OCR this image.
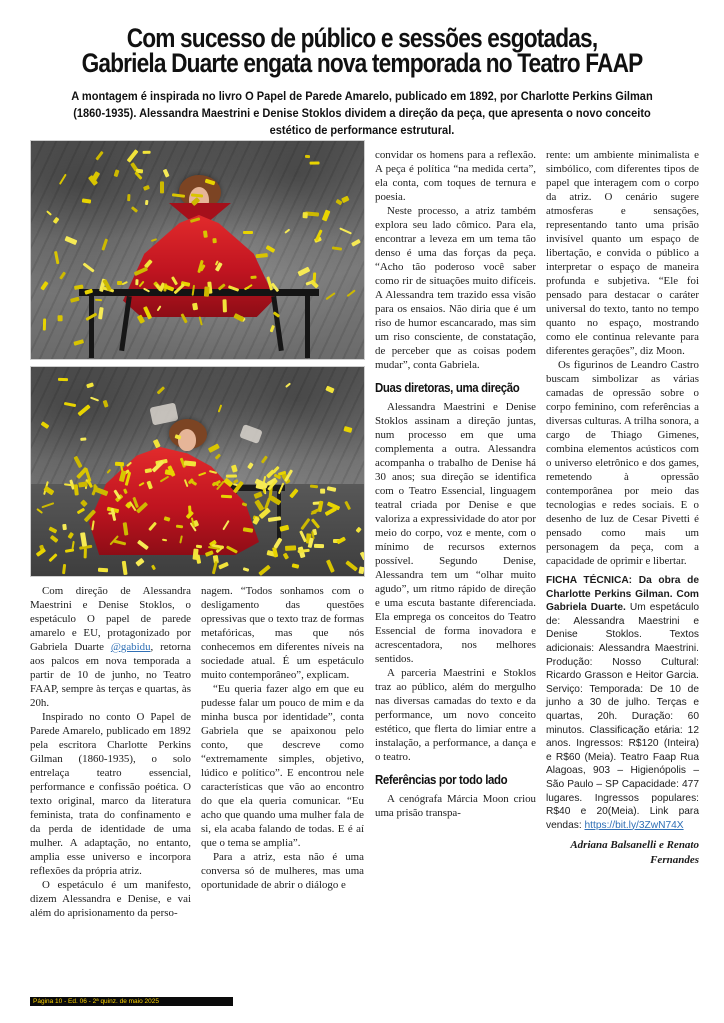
Com sucesso de público e sessões esgotadas,
Gabriela Duarte engata nova temporada no Teatro FAAP

A montagem é inspirada no livro O Papel de Parede Amarelo, publicado em 1892, por Charlotte Perkins Gilman (1860-1935). Alessandra Maestrini e Denise Stoklos dividem a direção da peça, que apresenta o novo conceito estético de performance estrutural.

Com direção de Alessandra Maestrini e Denise Stoklos, o espetáculo O papel de parede amarelo e EU, protagonizado por Gabriela Duarte @gabidu, retorna aos palcos em nova temporada a partir de 10 de junho, no Teatro FAAP, sempre às terças e quartas, às 20h.

Inspirado no conto O Papel de Parede Amarelo, publicado em 1892 pela escritora Charlotte Perkins Gilman (1860-1935), o solo entrelaça teatro essencial, performance e confissão poética. O texto original, marco da literatura feminista, trata do confinamento e da perda de identidade de uma mulher. A adaptação, no entanto, amplia esse universo e incorpora reflexões da própria atriz.

O espetáculo é um manifesto, dizem Alessandra e Denise, e vai além do aprisionamento da perso-

nagem. “Todos sonhamos com o desligamento das questões opressivas que o texto traz de formas metafóricas, mas que nós conhecemos em diferentes níveis na sociedade atual. É um espetáculo muito contemporâneo”, explicam.

“Eu queria fazer algo em que eu pudesse falar um pouco de mim e da minha busca por identidade”, conta Gabriela que se apaixonou pelo conto, que descreve como “extremamente simples, objetivo, lúdico e político”. E encontrou nele características que vão ao encontro do que ela queria comunicar. “Eu acho que quando uma mulher fala de si, ela acaba falando de todas. E é aí que o tema se amplia”.

Para a atriz, esta não é uma conversa só de mulheres, mas uma oportunidade de abrir o diálogo e

convidar os homens para a reflexão. A peça é política “na medida certa”, ela conta, com toques de ternura e poesia.

Neste processo, a atriz também explora seu lado cômico. Para ela, encontrar a leveza em um tema tão denso é uma das forças da peça. “Acho tão poderoso você saber como rir de situações muito difíceis. A Alessandra tem trazido essa visão para os ensaios. Não diria que é um riso de humor escancarado, mas sim um riso consciente, de constatação, de perceber que as coisas podem mudar”, conta Gabriela.

Duas diretoras, uma direção

Alessandra Maestrini e Denise Stoklos assinam a direção juntas, num processo em que uma complementa a outra. Alessandra acompanha o trabalho de Denise há 30 anos; sua direção se identifica com o Teatro Essencial, linguagem teatral criada por Denise e que valoriza a expressividade do ator por meio do corpo, voz e mente, com o mínimo de recursos externos possível. Segundo Denise, Alessandra tem um “olhar muito agudo”, um ritmo rápido de direção e uma escuta bastante diferenciada. Ela emprega os conceitos do Teatro Essencial de forma inovadora e acrescentadora, nos melhores sentidos.

A parceria Maestrini e Stoklos traz ao público, além do mergulho nas diversas camadas do texto e da performance, um novo conceito estético, que flerta do limiar entre a instalação, a performance, a dança e o teatro.

Referências por todo lado

A cenógrafa Márcia Moon criou uma prisão transpa-

rente: um ambiente minimalista e simbólico, com diferentes tipos de papel que interagem com o corpo da atriz. O cenário sugere atmosferas e sensações, representando tanto uma prisão invisível quanto um espaço de libertação, e convida o público a interpretar o espaço de maneira profunda e subjetiva. “Ele foi pensado para destacar o caráter universal do texto, tanto no tempo quanto no espaço, mostrando como ele continua relevante para diferentes gerações”, diz Moon.

Os figurinos de Leandro Castro buscam simbolizar as várias camadas de opressão sobre o corpo feminino, com referências a diversas culturas. A trilha sonora, a cargo de Thiago Gimenes, combina elementos acústicos com o universo eletrônico e dos games, remetendo à opressão contemporânea por meio das tecnologias e redes sociais. E o desenho de luz de Cesar Pivetti é pensado como mais um personagem da peça, com a capacidade de oprimir e libertar.

FICHA TÉCNICA: Da obra de Charlotte Perkins Gilman. Com Gabriela Duarte. Um espetáculo de: Alessandra Maestrini e Denise Stoklos. Textos adicionais: Alessandra Maestrini. Produção: Nosso Cultural: Ricardo Grasson e Heitor Garcia. Serviço: Temporada: De 10 de junho a 30 de julho. Terças e quartas, 20h. Duração: 60 minutos. Classificação etária: 12 anos. Ingressos: R$120 (Inteira) e R$60 (Meia). Teatro Faap Rua Alagoas, 903 – Higienópolis – São Paulo – SP Capacidade: 477 lugares. Ingressos populares: R$40 e 20(Meia). Link para vendas: https://bit.ly/3ZwN74X

Adriana Balsanelli e Renato Fernandes

Página 10 - Ed. 06 - 2ª quinz. de maio 2025
